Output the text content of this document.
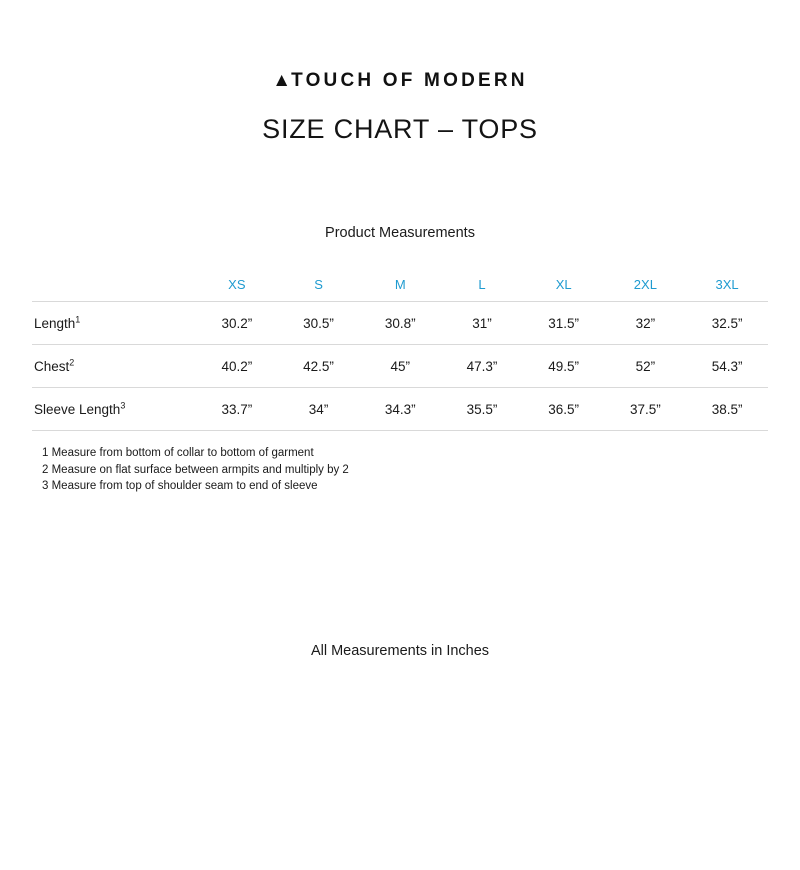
▲TOUCH OF MODERN
SIZE CHART – TOPS
Product Measurements
	XS	S	M	L	XL	2XL	3XL
Length$^1$	30.2”	30.5”	30.8”	31”	31.5”	32”	32.5”
Chest$^2$	40.2”	42.5”	45”	47.3”	49.5”	52”	54.3”
Sleeve Length$^3$	33.7”	34”	34.3”	35.5”	36.5”	37.5”	38.5”
1 Measure from bottom of collar to bottom of garment
2 Measure on flat surface between armpits and multiply by 2
3 Measure from top of shoulder seam to end of sleeve
All Measurements in Inches
